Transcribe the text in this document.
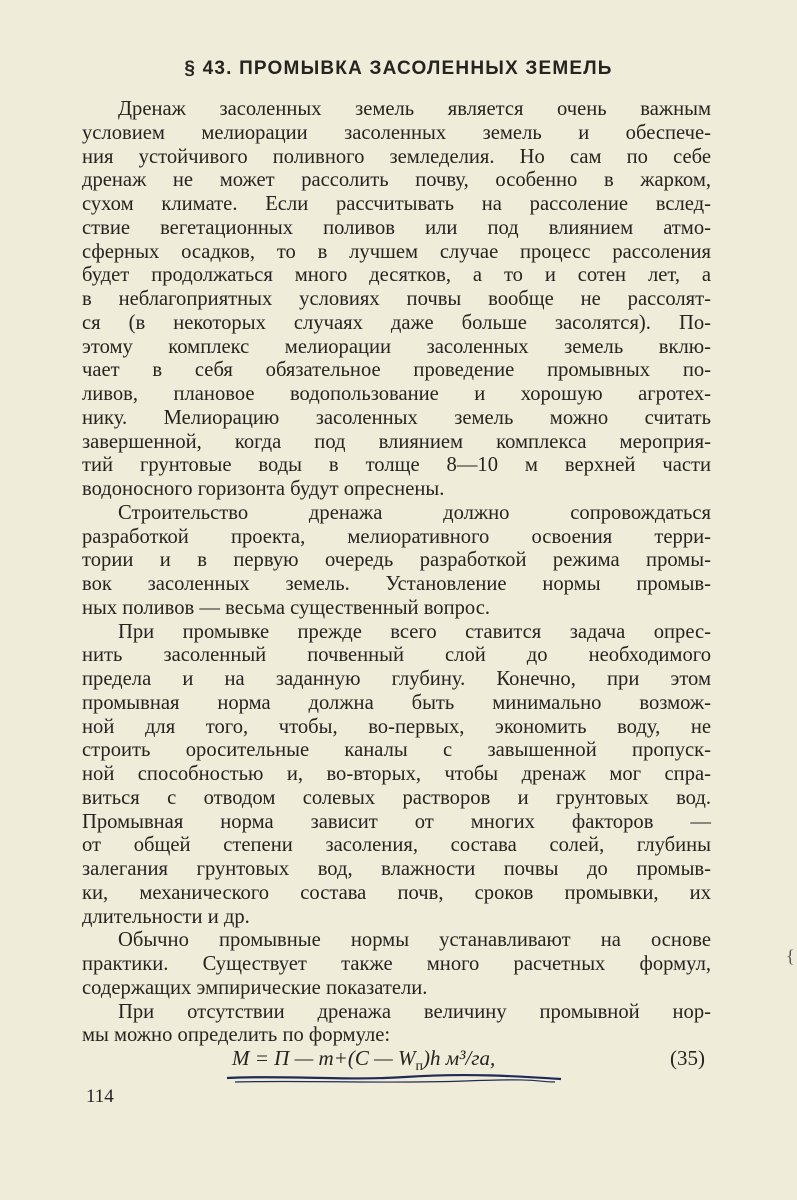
§ 43. ПРОМЫВКА ЗАСОЛЕННЫХ ЗЕМЕЛЬ
Дренаж засоленных земель является очень важным
условием мелиорации засоленных земель и обеспече-
ния устойчивого поливного земледелия. Но сам по себе
дренаж не может рассолить почву, особенно в жарком,
сухом климате. Если рассчитывать на рассоление вслед-
ствие вегетационных поливов или под влиянием атмо-
сферных осадков, то в лучшем случае процесс рассоления
будет продолжаться много десятков, а то и сотен лет, а
в неблагоприятных условиях почвы вообще не рассолят-
ся (в некоторых случаях даже больше засолятся). По-
этому комплекс мелиорации засоленных земель вклю-
чает в себя обязательное проведение промывных по-
ливов, плановое водопользование и хорошую агротех-
нику. Мелиорацию засоленных земель можно считать
завершенной, когда под влиянием комплекса мероприя-
тий грунтовые воды в толще 8—10 м верхней части
водоносного горизонта будут опреснены.
Строительство дренажа должно сопровождаться
разработкой проекта, мелиоративного освоения терри-
тории и в первую очередь разработкой режима промы-
вок засоленных земель. Установление нормы промыв-
ных поливов — весьма существенный вопрос.
При промывке прежде всего ставится задача опрес-
нить засоленный почвенный слой до необходимого
предела и на заданную глубину. Конечно, при этом
промывная норма должна быть минимально возмож-
ной для того, чтобы, во-первых, экономить воду, не
строить оросительные каналы с завышенной пропуск-
ной способностью и, во-вторых, чтобы дренаж мог спра-
виться с отводом солевых растворов и грунтовых вод.
Промывная норма зависит от многих факторов —
от общей степени засоления, состава солей, глубины
залегания грунтовых вод, влажности почвы до промыв-
ки, механического состава почв, сроков промывки, их
длительности и др.
Обычно промывные нормы устанавливают на основе
практики. Существует также много расчетных формул,
содержащих эмпирические показатели.
При отсутствии дренажа величину промывной нор-
мы можно определить по формуле:
M = П — m+(C — $W_п)h$ м³/га,	(35)
114
{
